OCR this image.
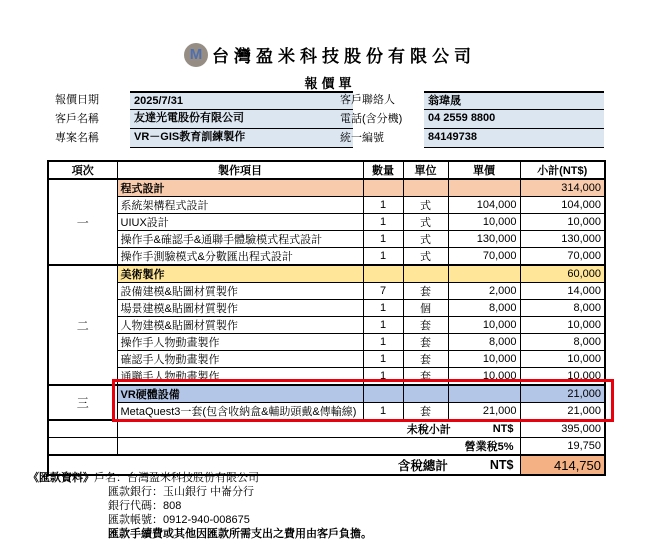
M 台灣盈米科技股份有限公司
報價單
報價日期	2025/7/31
客戶名稱	友達光電股份有限公司
專案名稱	VR－GIS教育訓練製作
客戶聯絡人	翁瑋晟
電話(含分機)	04 2559 8800
統一編號	84149738
項次	製作項目	數量	單位	單價	小計(NT$)
一	程式設計				314,000
	系統架構程式設計	1	式	104,000	104,000
	UIUX設計	1	式	10,000	10,000
	操作手&確認手&通聯手體驗模式程式設計	1	式	130,000	130,000
	操作手測驗模式&分數匯出程式設計	1	式	70,000	70,000
二	美術製作				60,000
	設備建模&貼圖材質製作	7	套	2,000	14,000
	場景建模&貼圖材質製作	1	個	8,000	8,000
	人物建模&貼圖材質製作	1	套	10,000	10,000
	操作手人物動畫製作	1	套	8,000	8,000
	確認手人物動畫製作	1	套	10,000	10,000
	通聯手人物動畫製作	1	套	10,000	10,000
三	VR硬體設備				21,000
	MetaQuest3一套(包含收納盒&輔助頭戴&傳輸線)	1	套	21,000	21,000

	未稅小計 NT$				395,000
	營業稅5%				19,750

含稅總計 NT$					414,750
《匯款資料》 戶名：台灣盈米科技股份有限公司
匯款銀行：玉山銀行 中崙分行
銀行代碼：808
匯款帳號：0912-940-008675
匯款手續費或其他因匯款所需支出之費用由客戶負擔。
